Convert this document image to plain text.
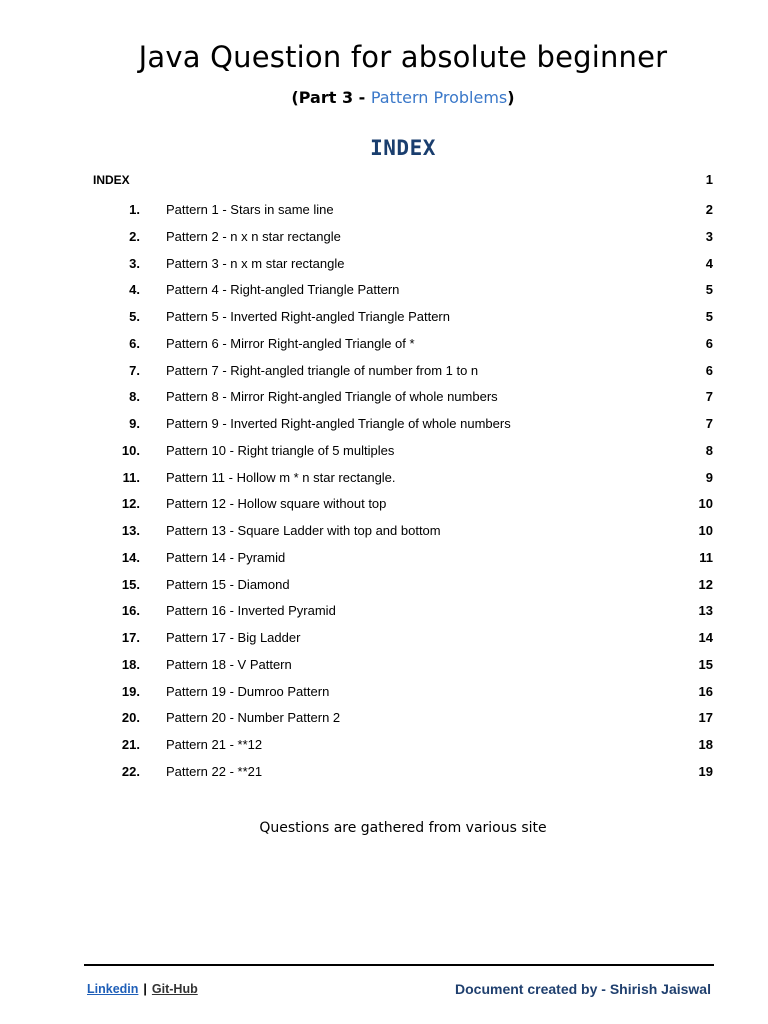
Java Question for absolute beginner
(Part 3 - Pattern Problems)
INDEX
INDEX	1
1. Pattern 1 - Stars in same line	2
2. Pattern 2 - n x n star rectangle	3
3. Pattern 3 - n x m star rectangle	4
4. Pattern 4 - Right-angled Triangle Pattern	5
5. Pattern 5 - Inverted Right-angled Triangle Pattern	5
6. Pattern 6 - Mirror Right-angled Triangle of *	6
7. Pattern 7 - Right-angled triangle of number from 1 to n	6
8. Pattern 8 - Mirror Right-angled Triangle of whole numbers	7
9. Pattern 9 - Inverted Right-angled Triangle of whole numbers	7
10. Pattern 10 - Right triangle of 5 multiples	8
11. Pattern 11 - Hollow m * n star rectangle.	9
12. Pattern 12 - Hollow square without top	10
13. Pattern 13 - Square Ladder with top and bottom	10
14. Pattern 14 - Pyramid	11
15. Pattern 15 - Diamond	12
16. Pattern 16 - Inverted Pyramid	13
17. Pattern 17 - Big Ladder	14
18. Pattern 18 - V Pattern	15
19. Pattern 19 - Dumroo Pattern	16
20. Pattern 20 - Number Pattern 2	17
21. Pattern 21 - **12	18
22. Pattern 22 - **21	19
Questions are gathered from various site
Linkedin | Git-Hub	Document created by - Shirish Jaiswal
